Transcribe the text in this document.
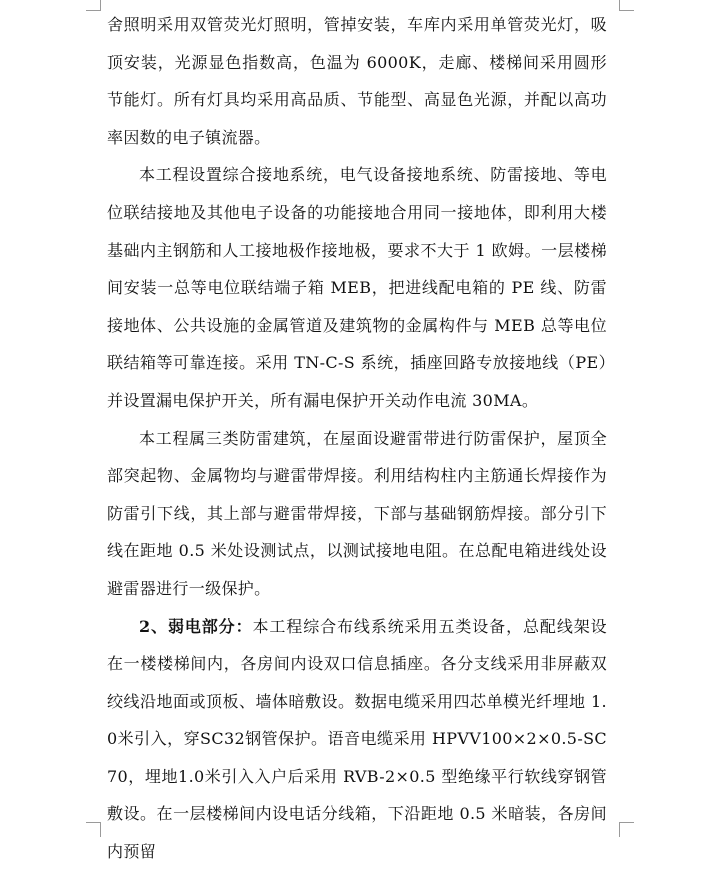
舍照明采用双管荧光灯照明，管掉安装，车库内采用单管荧光灯，吸顶安装，光源显色指数高，色温为 6000K，走廊、楼梯间采用圆形节能灯。所有灯具均采用高品质、节能型、高显色光源，并配以高功率因数的电子镇流器。

本工程设置综合接地系统，电气设备接地系统、防雷接地、等电位联结接地及其他电子设备的功能接地合用同一接地体，即利用大楼基础内主钢筋和人工接地极作接地极，要求不大于 1 欧姆。一层楼梯间安装一总等电位联结端子箱 MEB，把进线配电箱的 PE 线、防雷接地体、公共设施的金属管道及建筑物的金属构件与 MEB 总等电位联结箱等可靠连接。采用 TN-C-S 系统，插座回路专放接地线（PE）并设置漏电保护开关，所有漏电保护开关动作电流 30MA。

本工程属三类防雷建筑，在屋面设避雷带进行防雷保护，屋顶全部突起物、金属物均与避雷带焊接。利用结构柱内主筋通长焊接作为防雷引下线，其上部与避雷带焊接，下部与基础钢筋焊接。部分引下线在距地 0.5 米处设测试点，以测试接地电阻。在总配电箱进线处设避雷器进行一级保护。

2、弱电部分：本工程综合布线系统采用五类设备，总配线架设在一楼楼梯间内，各房间内设双口信息插座。各分支线采用非屏蔽双绞线沿地面或顶板、墙体暗敷设。数据电缆采用四芯单模光纤埋地 1.0米引入，穿SC32钢管保护。语音电缆采用 HPVV100×2×0.5-SC70，埋地1.0米引入入户后采用 RVB-2×0.5 型绝缘平行软线穿钢管敷设。在一层楼梯间内设电话分线箱，下沿距地 0.5 米暗装，各房间内预留
